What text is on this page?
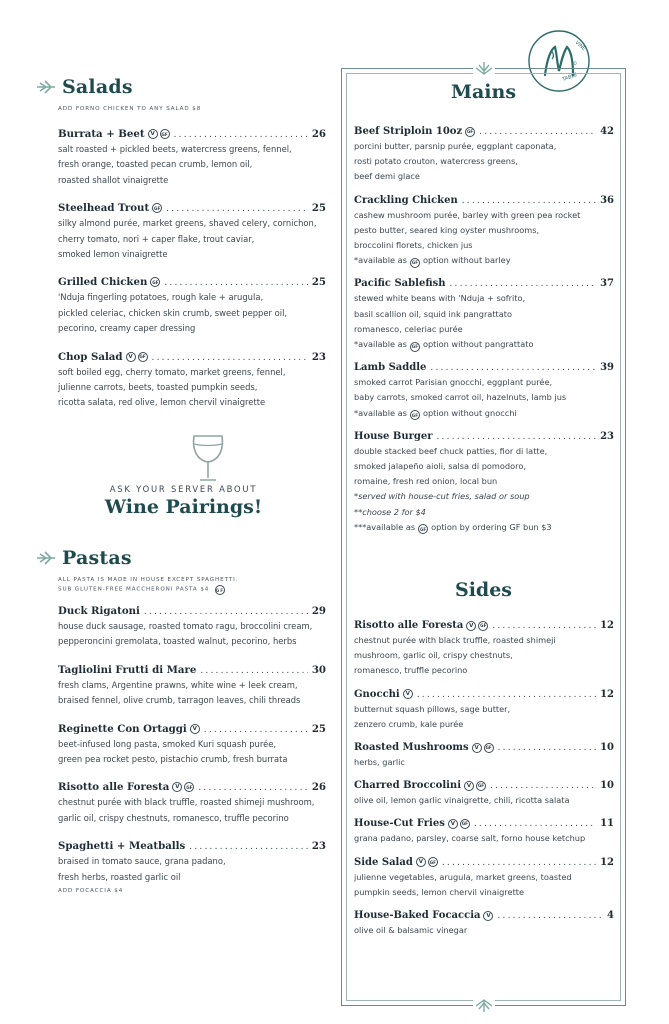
VINE
TO
TABLE
Salads
ADD FORNO CHICKEN TO ANY SALAD $8
Burrata + Beet	V	GF .....	26
salt roasted + pickled beets, watercress greens, fennel,
fresh orange, toasted pecan crumb, lemon oil,
roasted shallot vinaigrette
Steelhead Trout	GF .....	25
silky almond purée, market greens, shaved celery, cornichon,
cherry tomato, nori + caper flake, trout caviar,
smoked lemon vinaigrette
Grilled Chicken	GF .....	25
'Nduja fingerling potatoes, rough kale + arugula,
pickled celeriac, chicken skin crumb, sweet pepper oil,
pecorino, creamy caper dressing
Chop Salad	V	GF .....	23
soft boiled egg, cherry tomato, market greens, fennel,
julienne carrots, beets, toasted pumpkin seeds,
ricotta salata, red olive, lemon chervil vinaigrette
ASK YOUR SERVER ABOUT
Wine Pairings!
Pastas
ALL PASTA IS MADE IN HOUSE EXCEPT SPAGHETTI.
SUB GLUTEN-FREE MACCHERONI PASTA $4 GF
Duck Rigatoni .....	29
house duck sausage, roasted tomato ragu, broccolini cream,
pepperoncini gremolata, toasted walnut, pecorino, herbs
Tagliolini Frutti di Mare .....	30
fresh clams, Argentine prawns, white wine + leek cream,
braised fennel, olive crumb, tarragon leaves, chili threads
Reginette Con Ortaggi	V .....	25
beet-infused long pasta, smoked Kuri squash purée,
green pea rocket pesto, pistachio crumb, fresh burrata
Risotto alle Foresta	V	GF .....	26
chestnut purée with black truffle, roasted shimeji mushroom,
garlic oil, crispy chestnuts, romanesco, truffle pecorino
Spaghetti + Meatballs .....	23
braised in tomato sauce, grana padano,
fresh herbs, roasted garlic oil
ADD FOCACCIA $4
Mains
Beef Striploin 10oz	GF .....	42
porcini butter, parsnip purée, eggplant caponata,
rosti potato crouton, watercress greens,
beef demi glace
Crackling Chicken .....	36
cashew mushroom purée, barley with green pea rocket
pesto butter, seared king oyster mushrooms,
broccolini florets, chicken jus
*available as GF option without barley
Pacific Sablefish .....	37
stewed white beans with 'Nduja + sofrito,
basil scallion oil, squid ink pangrattato
romanesco, celeriac purée
*available as GF option without pangrattato
Lamb Saddle .....	39
smoked carrot Parisian gnocchi, eggplant purée,
baby carrots, smoked carrot oil, hazelnuts, lamb jus
*available as GF option without gnocchi
House Burger .....	23
double stacked beef chuck patties, fior di latte,
smoked jalapeño aioli, salsa di pomodoro,
romaine, fresh red onion, local bun
*served with house-cut fries, salad or soup
**choose 2 for $4
***available as GF option by ordering GF bun $3
Sides
Risotto alle Foresta	V	GF .....	12
chestnut purée with black truffle, roasted shimeji
mushroom, garlic oil, crispy chestnuts,
romanesco, truffle pecorino
Gnocchi	V .....	12
butternut squash pillows, sage butter,
zenzero crumb, kale purée
Roasted Mushrooms	V	GF .....	10
herbs, garlic
Charred Broccolini	V	GF .....	10
olive oil, lemon garlic vinaigrette, chili, ricotta salata
House-Cut Fries	V	GF .....	11
grana padano, parsley, coarse salt, forno house ketchup
Side Salad	V	GF .....	12
julienne vegetables, arugula, market greens, toasted
pumpkin seeds, lemon chervil vinaigrette
House-Baked Focaccia	V .....	4
olive oil & balsamic vinegar
